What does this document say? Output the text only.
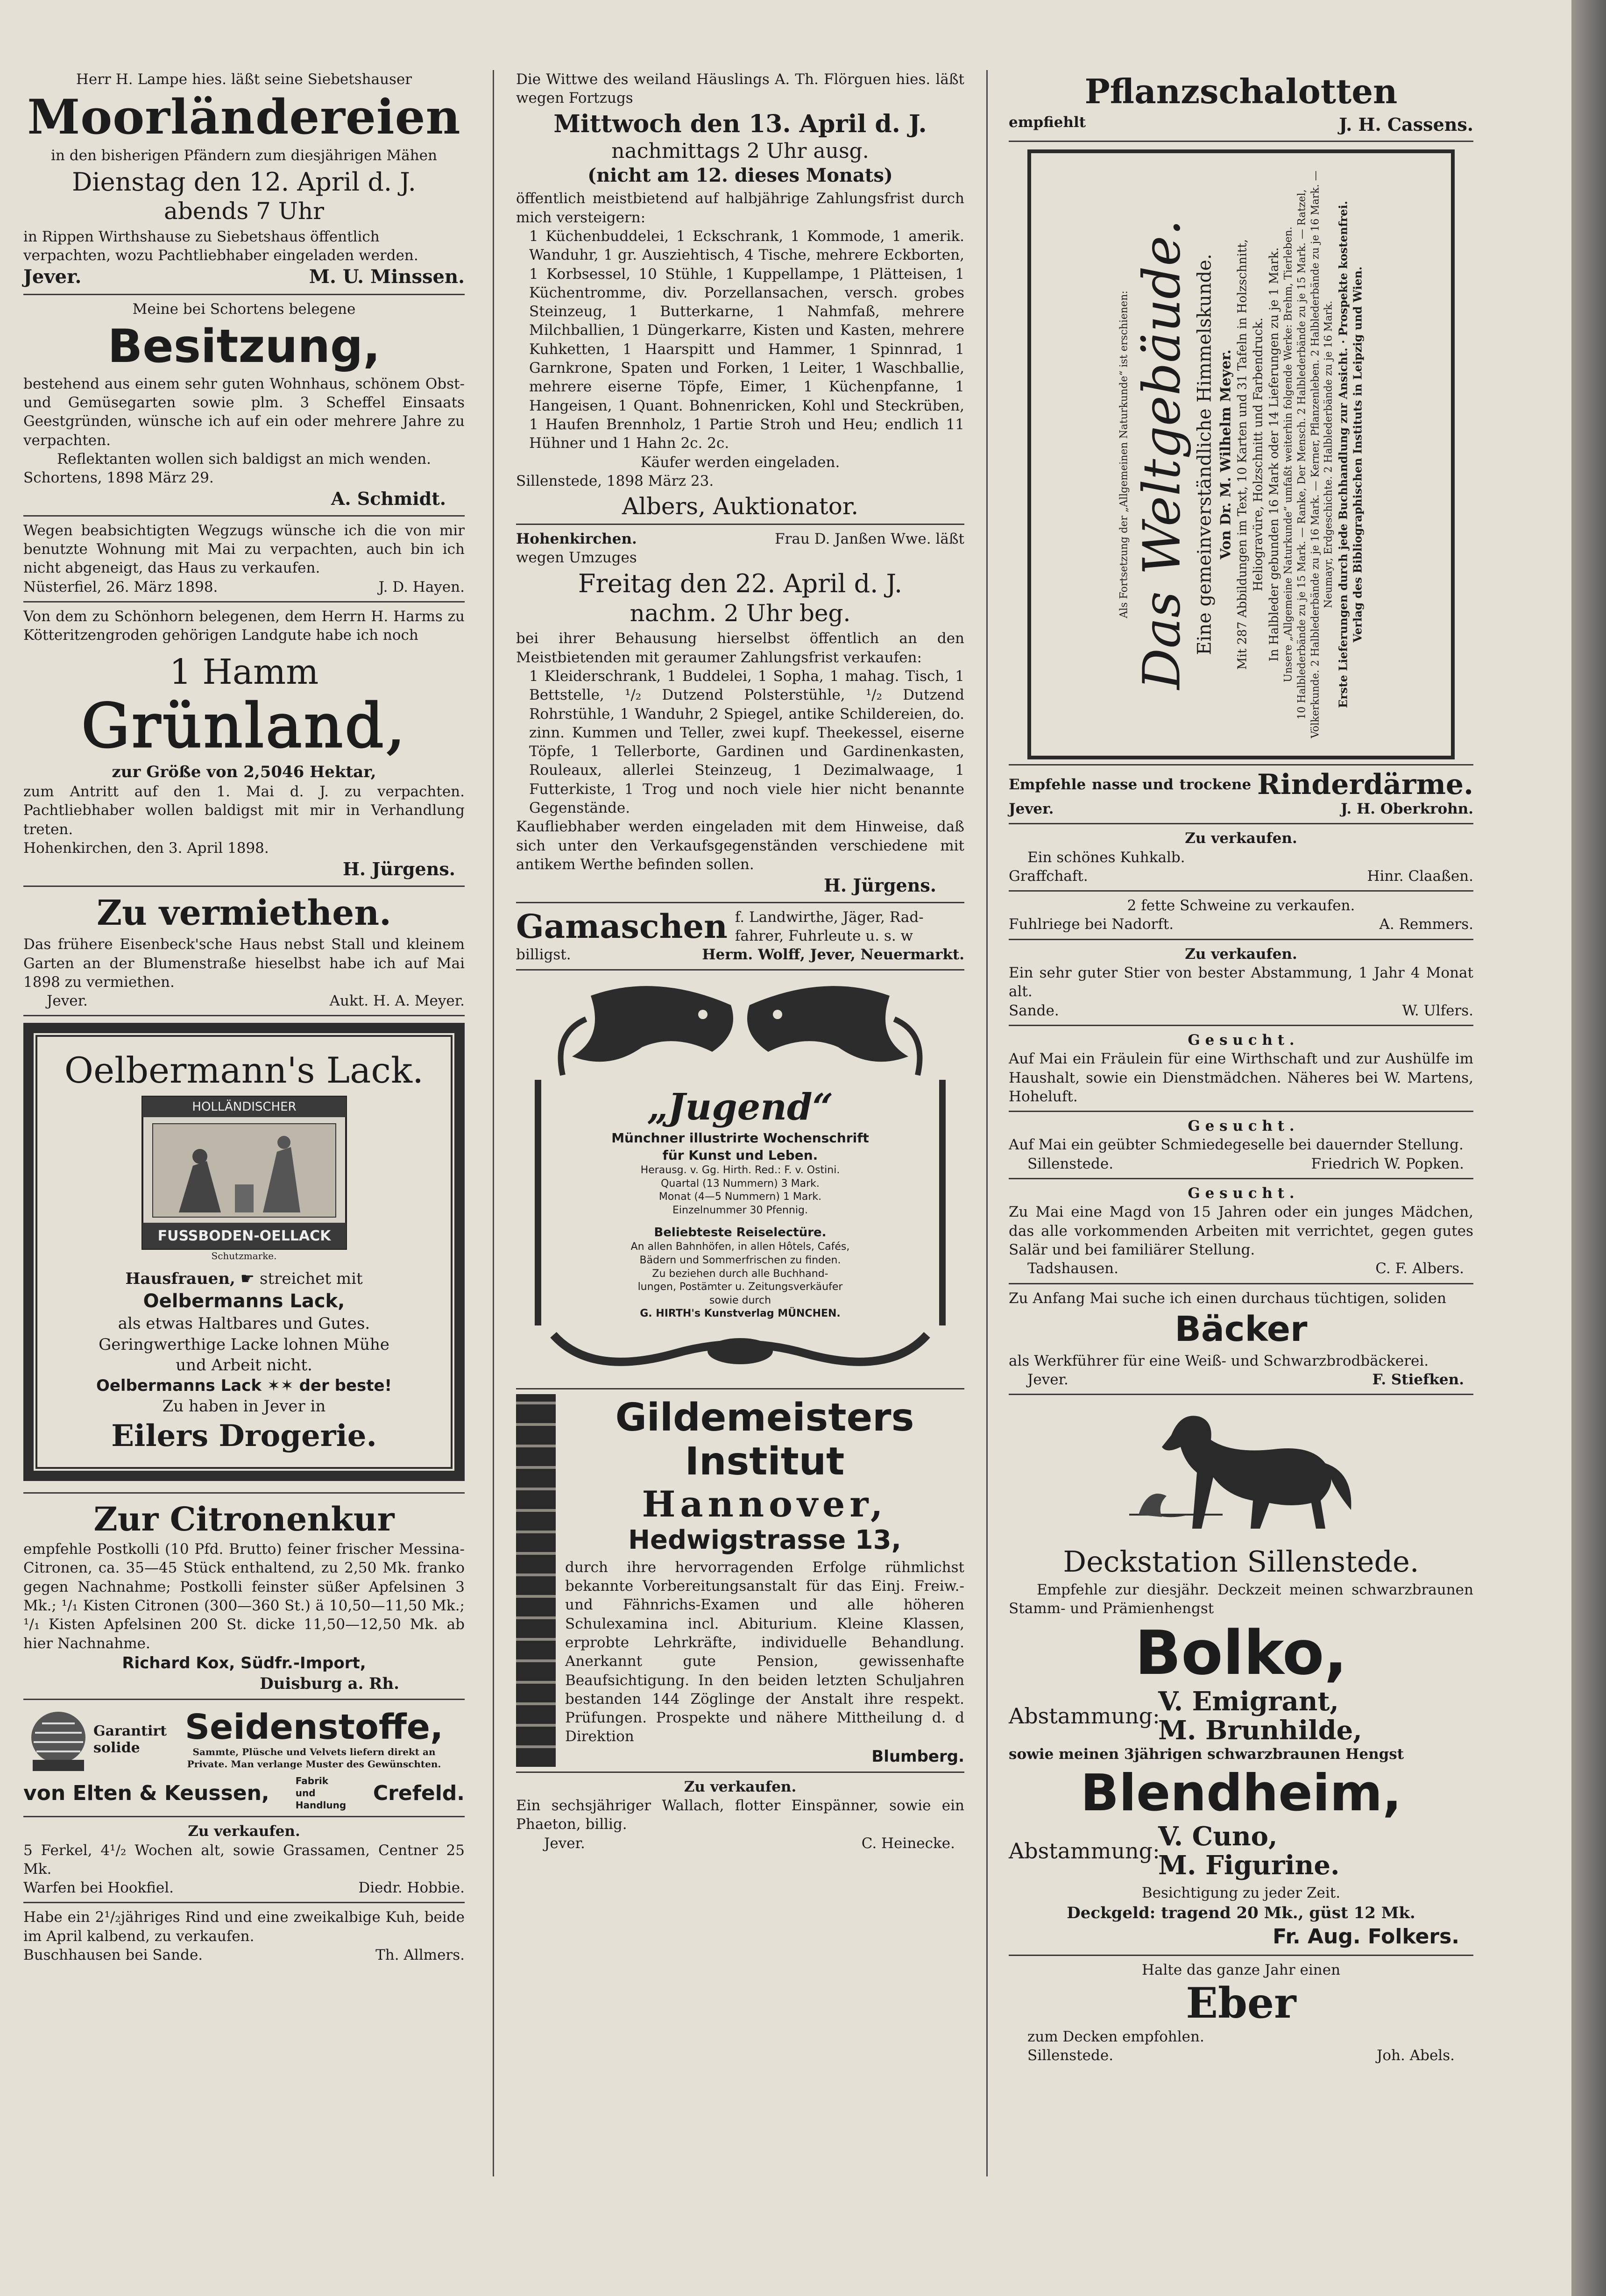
Herr H. Lampe hies. läßt seine Siebetshauser

Moorländereien

in den bisherigen Pfändern zum diesjährigen Mähen

Dienstag den 12. April d. J.
abends 7 Uhr

in Rippen Wirthshause zu Siebetshaus öffentlich

verpachten, wozu Pachtliebhaber eingeladen werden.

Jever.	M. U. Minssen.

Meine bei Schortens belegene

Besitzung,

bestehend aus einem sehr guten Wohnhaus, schönem Obst- und Gemüsegarten sowie plm. 3 Scheffel Einsaats Geestgründen, wünsche ich auf ein oder mehrere Jahre zu verpachten.

Reflektanten wollen sich baldigst an mich wenden.

Schortens, 1898 März 29.

A. Schmidt.

Wegen beabsichtigten Wegzugs wünsche ich die von mir benutzte Wohnung mit Mai zu verpachten, auch bin ich nicht abgeneigt, das Haus zu verkaufen.

Nüsterfiel, 26. März 1898.	J. D. Hayen.

Von dem zu Schönhorn belegenen, dem Herrn H. Harms zu Kötteritzengroden gehörigen Landgute habe ich noch

1 Hamm
Grünland,

zur Größe von 2,5046 Hektar,

zum Antritt auf den 1. Mai d. J. zu verpachten. Pachtliebhaber wollen baldigst mit mir in Verhandlung treten.

Hohenkirchen, den 3. April 1898.

H. Jürgens.

Zu vermiethen.

Das frühere Eisenbeck'sche Haus nebst Stall und kleinem Garten an der Blumenstraße hieselbst habe ich auf Mai 1898 zu vermiethen.

Jever.	Aukt. H. A. Meyer.
Oelbermann's Lack.
HOLLÄNDISCHER
FUSSBODEN-OELLACK

Schutzmarke.

Hausfrauen, ☛ streichet mit

Oelbermanns Lack,

als etwas Haltbares und Gutes.

Geringwerthige Lacke lohnen Mühe

und Arbeit nicht.

Oelbermanns Lack ✶✶ der beste!

Zu haben in Jever in

Eilers Drogerie.
Zur Citronenkur

empfehle Postkolli (10 Pfd. Brutto) feiner frischer Messina-Citronen, ca. 35—45 Stück enthaltend, zu 2,50 Mk. franko gegen Nachnahme; Postkolli feinster süßer Apfelsinen 3 Mk.; ¹/₁ Kisten Citronen (300—360 St.) ä 10,50—11,50 Mk.; ¹/₁ Kisten Apfelsinen 200 St. dicke 11,50—12,50 Mk. ab hier Nachnahme.

Richard Kox, Südfr.-Import,

Duisburg a. Rh.

Garantirt
solide
Seidenstoffe,

Sammte, Plüsche und Velvets liefern direkt an

Private. Man verlange Muster des Gewünschten.

von Elten & Keussen,
Fabrik und Handlung
Crefeld.

Zu verkaufen.

5 Ferkel, 4¹/₂ Wochen alt, sowie Grassamen, Centner 25 Mk.

Warfen bei Hookfiel.	Diedr. Hobbie.

Habe ein 2¹/₂jähriges Rind und eine zweikalbige Kuh, beide im April kalbend, zu verkaufen.

Buschhausen bei Sande.	Th. Allmers.

Die Wittwe des weiland Häuslings A. Th. Flörguen hies. läßt wegen Fortzugs

Mittwoch den 13. April d. J.
nachmittags 2 Uhr ausg.
(nicht am 12. dieses Monats)

öffentlich meistbietend auf halbjährige Zahlungsfrist durch mich versteigern:

1 Küchenbuddelei, 1 Eckschrank, 1 Kommode, 1 amerik. Wanduhr, 1 gr. Ausziehtisch, 4 Tische, mehrere Eckborten, 1 Korbsessel, 10 Stühle, 1 Kuppellampe, 1 Plätteisen, 1 Küchentromme, div. Porzellansachen, versch. grobes Steinzeug, 1 Butterkarne, 1 Nahmfaß, mehrere Milchballien, 1 Düngerkarre, Kisten und Kasten, mehrere Kuhketten, 1 Haarspitt und Hammer, 1 Spinnrad, 1 Garnkrone, Spaten und Forken, 1 Leiter, 1 Waschballie, mehrere eiserne Töpfe, Eimer, 1 Küchenpfanne, 1 Hangeisen, 1 Quant. Bohnenricken, Kohl und Steckrüben, 1 Haufen Brennholz, 1 Partie Stroh und Heu; endlich 11 Hühner und 1 Hahn 2c. 2c.

Käufer werden eingeladen.

Sillenstede, 1898 März 23.

Albers, Auktionator.
Hohenkirchen.	Frau D. Janßen Wwe. läßt

wegen Umzuges

Freitag den 22. April d. J.
nachm. 2 Uhr beg.

bei ihrer Behausung hierselbst öffentlich an den Meistbietenden mit geraumer Zahlungsfrist verkaufen:

1 Kleiderschrank, 1 Buddelei, 1 Sopha, 1 mahag. Tisch, 1 Bettstelle, ¹/₂ Dutzend Polsterstühle, ¹/₂ Dutzend Rohrstühle, 1 Wanduhr, 2 Spiegel, antike Schildereien, do. zinn. Kummen und Teller, zwei kupf. Theekessel, eiserne Töpfe, 1 Tellerborte, Gardinen und Gardinenkasten, Rouleaux, allerlei Steinzeug, 1 Dezimalwaage, 1 Futterkiste, 1 Trog und noch viele hier nicht benannte Gegenstände.

Kaufliebhaber werden eingeladen mit dem Hinweise, daß sich unter den Verkaufsgegenständen verschiedene mit antikem Werthe befinden sollen.

H. Jürgens.

Gamaschen f. Landwirthe, Jäger, Rad-

fahrer, Fuhrleute u. s. w

billigst.	Herm. Wolff, Jever, Neuermarkt.
„Jugend“

Münchner illustrirte Wochenschrift

für Kunst und Leben.

Herausg. v. Gg. Hirth. Red.: F. v. Ostini.

Quartal (13 Nummern) 3 Mark.

Monat (4—5 Nummern) 1 Mark.

Einzelnummer 30 Pfennig.

Beliebteste Reiselectüre.

An allen Bahnhöfen, in allen Hôtels, Cafés,

Bädern und Sommerfrischen zu finden.

Zu beziehen durch alle Buchhand-

lungen, Postämter u. Zeitungsverkäufer

sowie durch

G. HIRTH's Kunstverlag MÜNCHEN.

Gildemeisters
Institut
Hannover,
Hedwigstrasse 13,

durch ihre hervorragenden Erfolge rühmlichst bekannte Vorbereitungsanstalt für das Einj. Freiw.- und Fähnrichs-Examen und alle höheren Schulexamina incl. Abiturium. Kleine Klassen, erprobte Lehrkräfte, individuelle Behandlung. Anerkannt gute Pension, gewissenhafte Beaufsichtigung. In den beiden letzten Schuljahren bestanden 144 Zöglinge der Anstalt ihre respekt. Prüfungen. Prospekte und nähere Mittheilung d. d Direktion

Blumberg.

Zu verkaufen.

Ein sechsjähriger Wallach, flotter Einspänner, sowie ein Phaeton, billig.

Jever.	C. Heinecke.
Pflanzschalotten
empfiehlt	J. H. Cassens.

Als Fortsetzung der „Allgemeinen Naturkunde“ ist erschienen: Das Weltgebäude. Eine gemeinverständliche Himmelskunde. Von Dr. M. Wilhelm Meyer. Mit 287 Abbildungen im Text, 10 Karten und 31 Tafeln in Holzschnitt, Heliogravüre, Holzschnitt und Farbendruck. In Halbleder gebunden 16 Mark oder 14 Lieferungen zu je 1 Mark. Unsere „Allgemeine Naturkunde“ umfaßt weiterhin folgende Werke: Brehm, Tierleben. 10 Halblederbände zu je 15 Mark. — Ranke, Der Mensch. 2 Halblederbände zu je 15 Mark. — Ratzel, Völkerkunde. 2 Halblederbände zu je 16 Mark. — Kerner, Pflanzenleben. 2 Halblederbände zu je 16 Mark. — Neumayr, Erdgeschichte. 2 Halblederbände zu je 16 Mark. Erste Lieferungen durch jede Buchhandlung zur Ansicht. · Prospekte kostenfrei. Verlag des Bibliographischen Instituts in Leipzig und Wien.

Empfehle nasse und trockene Rinderdärme.
Jever.	J. H. Oberkrohn.

Zu verkaufen.

Ein schönes Kuhkalb.

Graffchaft.	Hinr. Claaßen.

2 fette Schweine zu verkaufen.

Fuhlriege bei Nadorft.	A. Remmers.

Zu verkaufen.

Ein sehr guter Stier von bester Abstammung, 1 Jahr 4 Monat alt.

Sande.	W. Ulfers.

G e s u c h t .

Auf Mai ein Fräulein für eine Wirthschaft und zur Aushülfe im Haushalt, sowie ein Dienstmädchen. Näheres bei W. Martens, Hoheluft.

G e s u c h t .

Auf Mai ein geübter Schmiedegeselle bei dauernder Stellung.

Sillenstede.	Friedrich W. Popken.

G e s u c h t .

Zu Mai eine Magd von 15 Jahren oder ein junges Mädchen, das alle vorkommenden Arbeiten mit verrichtet, gegen gutes Salär und bei familiärer Stellung.

Tadshausen.	C. F. Albers.

Zu Anfang Mai suche ich einen durchaus tüchtigen, soliden

Bäcker

als Werkführer für eine Weiß- und Schwarzbrodbäckerei.

Jever.	F. Stiefken.
Deckstation Sillenstede.

Empfehle zur diesjähr. Deckzeit meinen schwarzbraunen Stamm- und Prämienhengst

Bolko,
Abstammung:
V. Emigrant,
M. Brunhilde,

sowie meinen 3jährigen schwarzbraunen Hengst

Blendheim,
Abstammung:
V. Cuno,
M. Figurine.

Besichtigung zu jeder Zeit.

Deckgeld: tragend 20 Mk., güst 12 Mk.

Fr. Aug. Folkers.

Halte das ganze Jahr einen

Eber

zum Decken empfohlen.

Sillenstede.	Joh. Abels.
